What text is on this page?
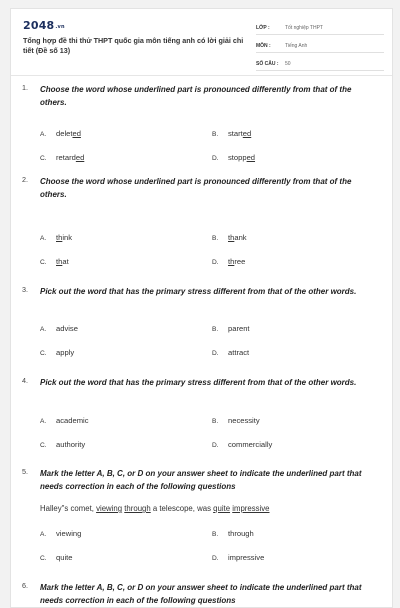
$2048^{.vn}$
Tổng hợp đề thi thử THPT quốc gia môn tiếng anh có lời giải chi tiết (Đề số 13)
LỚP :	Tốt nghiệp THPT
MÔN :	Tiếng Anh
SỐ CÂU : 50
1. Choose the word whose underlined part is pronounced differently from that of the others.
A. deleted	B. started
C. retarded	D. stopped
2. Choose the word whose underlined part is pronounced differently from that of the others.
A. think	B. thank
C. that	D. three
3. Pick out the word that has the primary stress different from that of the other words.
A. advise	B. parent
C. apply	D. attract
4. Pick out the word that has the primary stress different from that of the other words.
A. academic	B. necessity
C. authority	D. commercially
5. Mark the letter A, B, C, or D on your answer sheet to indicate the underlined part that needs correction in each of the following questions
Halley"s comet, viewing through a telescope, was quite impressive
A. viewing	B. through
C. quite	D. impressive
6. Mark the letter A, B, C, or D on your answer sheet to indicate the underlined part that needs correction in each of the following questions
